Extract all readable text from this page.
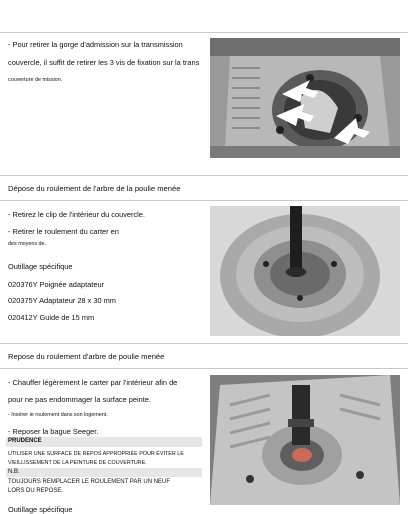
- Pour retirer la gorge d'admission sur la transmission
couvercle, il suffit de retirer les 3 vis de fixation sur la trans
couverture de mission.
Dépose du roulement de l'arbre de la poulie menée
- Retirez le clip de l'intérieur du couvercle.
- Retirer le roulement du carter en
des moyens de.
Outillage spécifique
020376Y Poignée adaptateur
020375Y Adaptateur 28 x 30 mm
020412Y Guide de 15 mm
Repose du roulement d'arbre de poulie menée
- Chauffer légèrement le carter par l'intérieur afin de
pour ne pas endommager la surface peinte.
- Insérer le roulement dans son logement.
- Reposer la bague Seeger.
PRUDENCE
UTILISER UNE SURFACE DE REPOS APPROPRIÉE POUR ÉVITER LE
VIEILLISSEMENT DE LA PEINTURE DE COUVERTURE.
N.B.
TOUJOURS REMPLACER LE ROULEMENT PAR UN NEUF
LORS DU REPOSE.
Outillage spécifique
